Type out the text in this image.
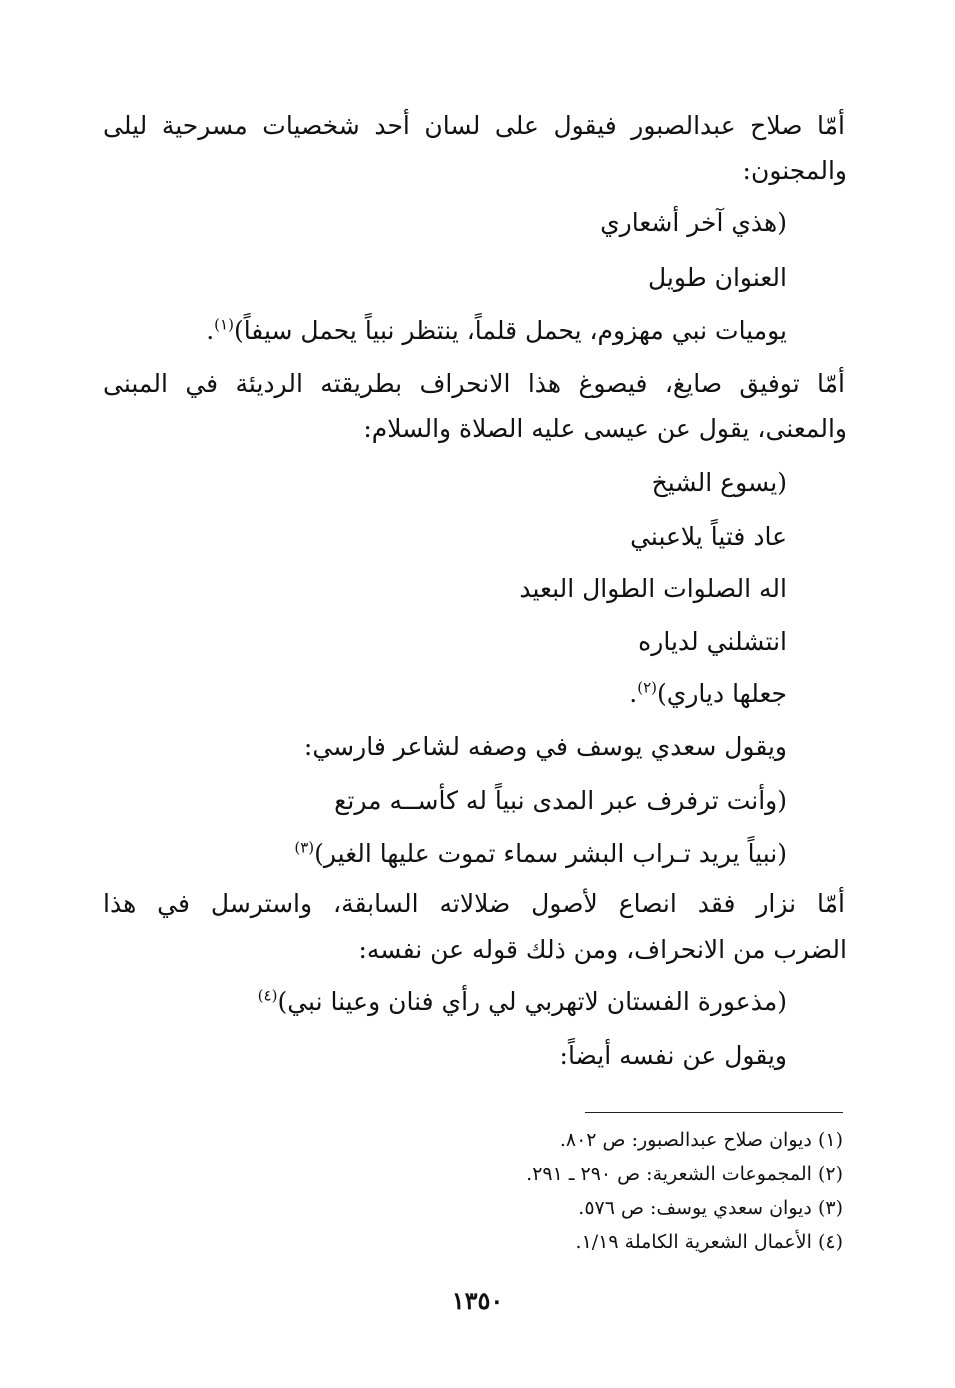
أمّا صلاح عبدالصبور فيقول على لسان أحد شخصيات مسرحية ليلى
والمجنون:
(هذي آخر أشعاري
العنوان طويل
يوميات نبي مهزوم، يحمل قلماً، ينتظر نبياً يحمل سيفاً)$^{(١)}$.
أمّا توفيق صايغ، فيصوغ هذا الانحراف بطريقته الرديئة في المبنى
والمعنى، يقول عن عيسى عليه الصلاة والسلام:
(يسوع الشيخ
عاد فتياً يلاعبني
اله الصلوات الطوال البعيد
انتشلني لدياره
جعلها دياري)$^{(٢)}$.
ويقول سعدي يوسف في وصفه لشاعر فارسي:
(وأنت ترفرف عبر المدى نبياً له كأســه مرتع
(نبياً يريد تـراب البشر سماء تموت عليها الغير)$^{(٣)}$
أمّا نزار فقد انصاع لأصول ضلالاته السابقة، واسترسل في هذا
الضرب من الانحراف، ومن ذلك قوله عن نفسه:
(مذعورة الفستان لاتهربي لي رأي فنان وعينا نبي)$^{(٤)}$
ويقول عن نفسه أيضاً:
(١) ديوان صلاح عبدالصبور: ص ٨٠٢.
(٢) المجموعات الشعرية: ص ٢٩٠ ـ ٢٩١.
(٣) ديوان سعدي يوسف: ص ٥٧٦.
(٤) الأعمال الشعرية الكاملة ١/١٩.
١٣٥٠
